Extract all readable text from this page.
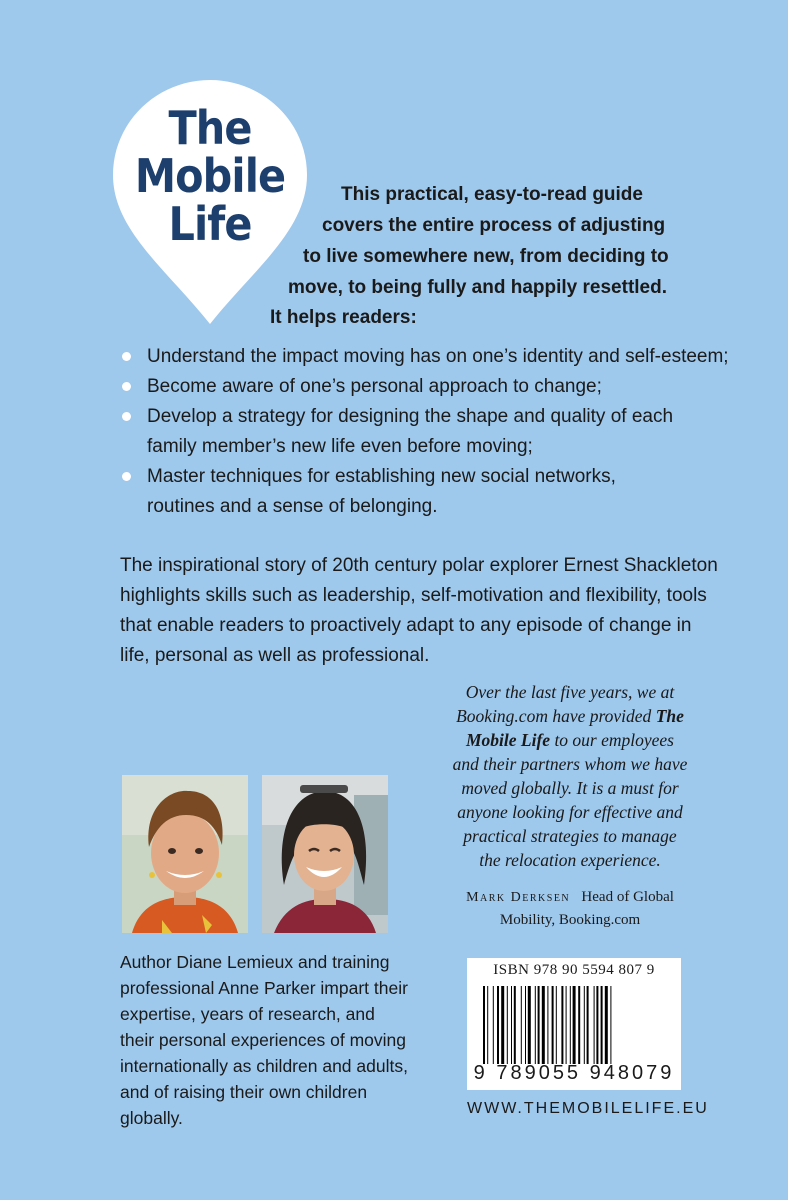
The
Mobile
Life
This practical, easy-to-read guide
covers the entire process of adjusting
to live somewhere new, from deciding to
move, to being fully and happily resettled.
It helps readers:
Understand the impact moving has on one’s identity and self-esteem;
Become aware of one’s personal approach to change;
Develop a strategy for designing the shape and quality of each family member’s new life even before moving;
Master techniques for establishing new social networks, routines and a sense of belonging.
The inspirational story of 20th century polar explorer Ernest Shackleton highlights skills such as leadership, self-motivation and flexibility, tools that enable readers to proactively adapt to any episode of change in life, personal as well as professional.
Over the last five years, we at Booking.com have provided The Mobile Life to our employees and their partners whom we have moved globally. It is a must for anyone looking for effective and practical strategies to manage the relocation experience.
Mark Derksen Head of Global Mobility, Booking.com
Author Diane Lemieux and training professional Anne Parker impart their expertise, years of research, and their personal experiences of moving internationally as children and adults, and of raising their own children globally.
ISBN 978 90 5594 807 9
9 789055 948079
WWW.THEMOBILELIFE.EU
